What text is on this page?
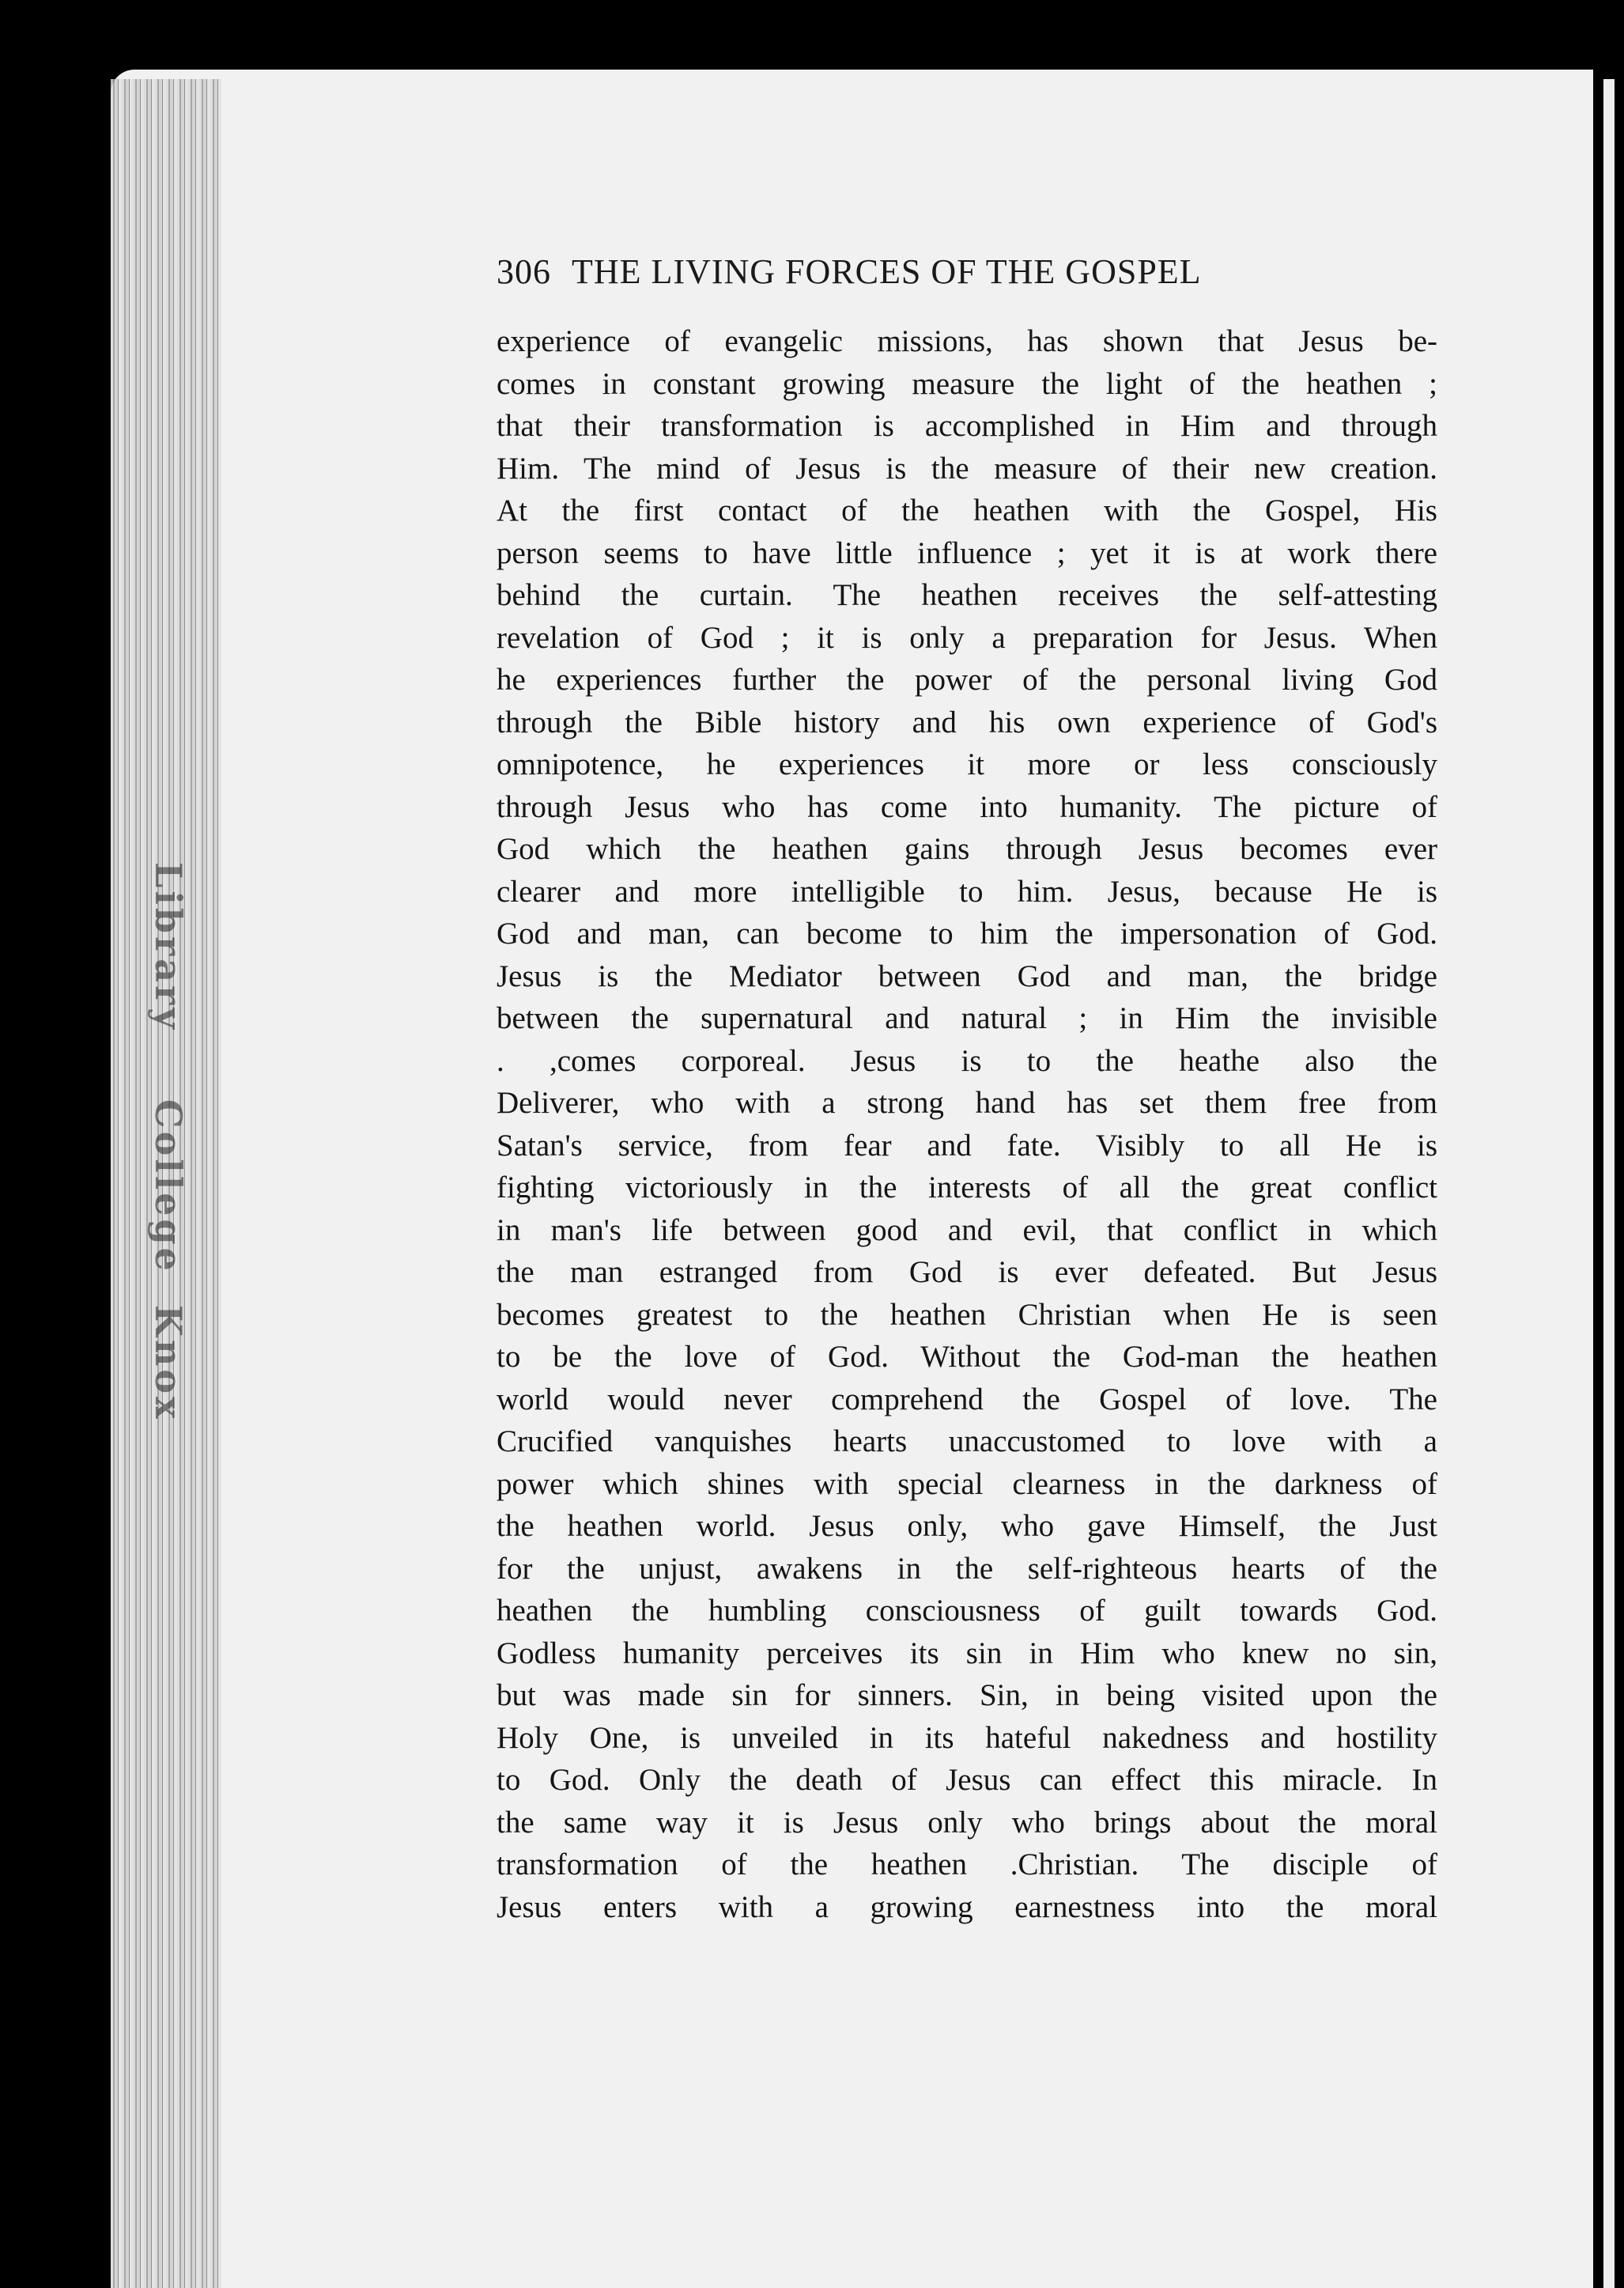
Library
College
Knox
306 THE LIVING FORCES OF THE GOSPEL
experience of evangelic missions, has shown that Jesus be-
comes in constant growing measure the light of the heathen ;
that their transformation is accomplished in Him and through
Him. The mind of Jesus is the measure of their new creation.
At the first contact of the heathen with the Gospel, His
person seems to have little influence ; yet it is at work there
behind the curtain. The heathen receives the self-attesting
revelation of God ; it is only a preparation for Jesus. When
he experiences further the power of the personal living God
through the Bible history and his own experience of God's
omnipotence, he experiences it more or less consciously
through Jesus who has come into humanity. The picture of
God which the heathen gains through Jesus becomes ever
clearer and more intelligible to him. Jesus, because He is
God and man, can become to him the impersonation of God.
Jesus is the Mediator between God and man, the bridge
between the supernatural and natural ; in Him the invisible
. ,comes corporeal. Jesus is to the heathe also the
Deliverer, who with a strong hand has set them free from
Satan's service, from fear and fate. Visibly to all He is
fighting victoriously in the interests of all the great conflict
in man's life between good and evil, that conflict in which
the man estranged from God is ever defeated. But Jesus
becomes greatest to the heathen Christian when He is seen
to be the love of God. Without the God-man the heathen
world would never comprehend the Gospel of love. The
Crucified vanquishes hearts unaccustomed to love with a
power which shines with special clearness in the darkness of
the heathen world. Jesus only, who gave Himself, the Just
for the unjust, awakens in the self-righteous hearts of the
heathen the humbling consciousness of guilt towards God.
Godless humanity perceives its sin in Him who knew no sin,
but was made sin for sinners. Sin, in being visited upon the
Holy One, is unveiled in its hateful nakedness and hostility
to God. Only the death of Jesus can effect this miracle. In
the same way it is Jesus only who brings about the moral
transformation of the heathen .Christian. The disciple of
Jesus enters with a growing earnestness into the moral
